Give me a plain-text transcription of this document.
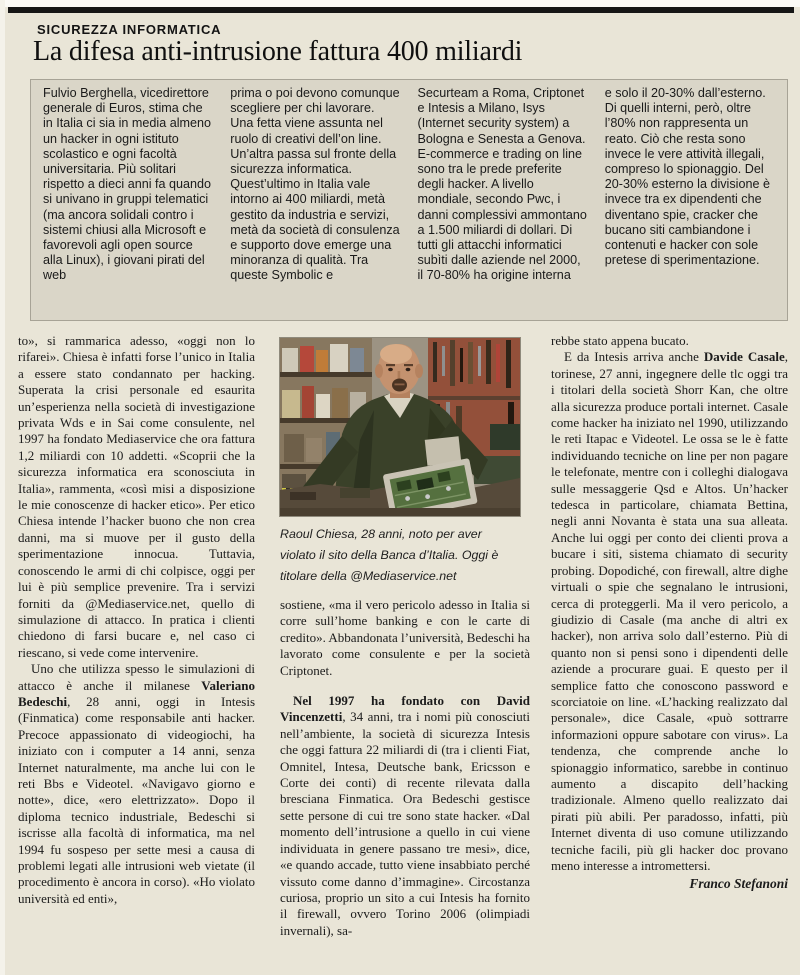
SICUREZZA INFORMATICA
La difesa anti-intrusione fattura 400 miliardi

Fulvio Berghella, vicedirettore generale di Euros, stima che in Italia ci sia in media almeno un hacker in ogni istituto scolastico e ogni facoltà universitaria. Più solitari rispetto a dieci anni fa quando si univano in gruppi telematici (ma ancora solidali contro i sistemi chiusi alla Microsoft e favorevoli agli open source alla Linux), i giovani pirati del web

prima o poi devono comunque scegliere per chi lavorare. Una fetta viene assunta nel ruolo di creativi dell’on line. Un’altra passa sul fronte della sicurezza informatica. Quest’ultimo in Italia vale intorno ai 400 miliardi, metà gestito da industria e servizi, metà da società di consulenza e supporto dove emerge una minoranza di qualità. Tra queste Symbolic e

Securteam a Roma, Criptonet e Intesis a Milano, Isys (Internet security system) a Bologna e Senesta a Genova. E-commerce e trading on line sono tra le prede preferite degli hacker. A livello mondiale, secondo Pwc, i danni complessivi ammontano a 1.500 miliardi di dollari. Di tutti gli attacchi informatici subìti dalle aziende nel 2000, il 70-80% ha origine interna

e solo il 20-30% dall’esterno. Di quelli interni, però, oltre l’80% non rappresenta un reato. Ciò che resta sono invece le vere attività illegali, compreso lo spionaggio. Del 20-30% esterno la divisione è invece tra ex dipendenti che diventano spie, cracker che bucano siti cambiandone i contenuti e hacker con sole pretese di sperimentazione.

to», si rammarica adesso, «oggi non lo rifarei». Chiesa è infatti forse l’unico in Italia a essere stato condannato per hacking. Superata la crisi personale ed esaurita un’esperienza nella società di investigazione privata Wds e in Sai come consulente, nel 1997 ha fondato Mediaservice che ora fattura 1,2 miliardi con 10 addetti. «Scoprii che la sicurezza informatica era sconosciuta in Italia», rammenta, «così misi a disposizione le mie conoscenze di hacker etico». Per etico Chiesa intende l’hacker buono che non crea danni, ma si muove per il gusto della sperimentazione innocua. Tuttavia, conoscendo le armi di chi colpisce, oggi per lui è più semplice prevenire. Tra i servizi forniti da @Mediaservice.net, quello di simulazione di attacco. In pratica i clienti chiedono di farsi bucare e, nel caso ci riescano, si vede come intervenire.

Uno che utilizza spesso le simulazioni di attacco è anche il milanese Valeriano Bedeschi, 28 anni, oggi in Intesis (Finmatica) come responsabile anti hacker. Precoce appassionato di videogiochi, ha iniziato con i computer a 14 anni, senza Internet naturalmente, ma anche lui con le reti Bbs e Videotel. «Navigavo giorno e notte», dice, «ero elettrizzato». Dopo il diploma tecnico industriale, Bedeschi si iscrisse alla facoltà di informatica, ma nel 1994 fu sospeso per sette mesi a causa di problemi legati alle intrusioni web vietate (il procedimento è ancora in corso). «Ho violato università ed enti»,

Raoul Chiesa, 28 anni, noto per aver violato il sito della Banca d’Italia. Oggi è titolare della @Mediaservice.net

sostiene, «ma il vero pericolo adesso in Italia si corre sull’home banking e con le carte di credito». Abbandonata l’università, Bedeschi ha lavorato come consulente e per la società Criptonet.

Nel 1997 ha fondato con David Vincenzetti, 34 anni, tra i nomi più conosciuti nell’ambiente, la società di sicurezza Intesis che oggi fattura 22 miliardi di (tra i clienti Fiat, Omnitel, Intesa, Deutsche bank, Ericsson e Corte dei conti) di recente rilevata dalla bresciana Finmatica. Ora Bedeschi gestisce sette persone di cui tre sono state hacker. «Dal momento dell’intrusione a quello in cui viene individuata in genere passano tre mesi», dice, «e quando accade, tutto viene insabbiato perché vissuto come danno d’immagine». Circostanza curiosa, proprio un sito a cui Intesis ha fornito il firewall, ovvero Torino 2006 (olimpiadi invernali), sa-

rebbe stato appena bucato.

E da Intesis arriva anche Davide Casale, torinese, 27 anni, ingegnere delle tlc oggi tra i titolari della società Shorr Kan, che oltre alla sicurezza produce portali internet. Casale come hacker ha iniziato nel 1990, utilizzando le reti Itapac e Videotel. Le ossa se le è fatte individuando tecniche on line per non pagare le telefonate, mentre con i colleghi dialogava sulle messaggerie Qsd e Altos. Un’hacker tedesca in particolare, chiamata Bettina, negli anni Novanta è stata una sua alleata. Anche lui oggi per conto dei clienti prova a bucare i siti, sistema chiamato di security probing. Dopodiché, con firewall, altre dighe virtuali o spie che segnalano le intrusioni, cerca di proteggerli. Ma il vero pericolo, a giudizio di Casale (ma anche di altri ex hacker), non arriva solo dall’esterno. Più di quanto non si pensi sono i dipendenti delle aziende a procurare guai. E questo per il semplice fatto che conoscono password e scorciatoie on line. «L’hacking realizzato dal personale», dice Casale, «può sottrarre informazioni oppure sabotare con virus». La tendenza, che comprende anche lo spionaggio informatico, sarebbe in continuo aumento a discapito dell’hacking tradizionale. Almeno quello realizzato dai pirati più abili. Per paradosso, infatti, più Internet diventa di uso comune utilizzando tecniche facili, più gli hacker doc provano meno interesse a intromettersi.

Franco Stefanoni
